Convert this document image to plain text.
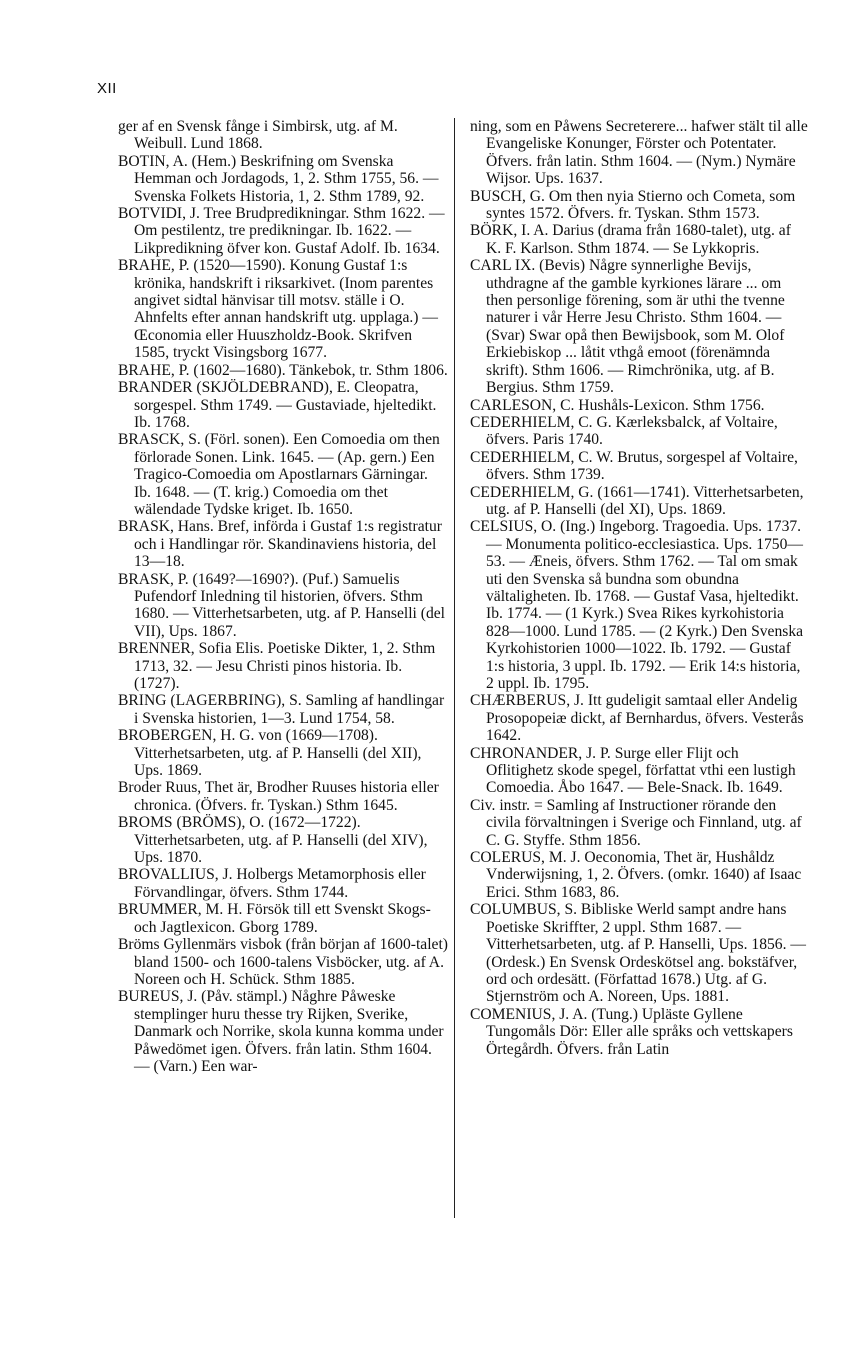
XII

ger af en Svensk fånge i Simbirsk, utg. af M. Weibull. Lund 1868.

BOTIN, A. (Hem.) Beskrifning om Svenska Hemman och Jordagods, 1, 2. Sthm 1755, 56. — Svenska Folkets Historia, 1, 2. Sthm 1789, 92.

BOTVIDI, J. Tree Brudpredikningar. Sthm 1622. — Om pestilentz, tre predikningar. Ib. 1622. — Likpredikning öfver kon. Gustaf Adolf. Ib. 1634.

BRAHE, P. (1520—1590). Konung Gustaf 1:s krönika, handskrift i riksarkivet. (Inom parentes angivet sidtal hänvisar till motsv. ställe i O. Ahnfelts efter annan handskrift utg. upplaga.) — Œconomia eller Huuszholdz-Book. Skrifven 1585, tryckt Visingsborg 1677.

BRAHE, P. (1602—1680). Tänkebok, tr. Sthm 1806.

BRANDER (SKJÖLDEBRAND), E. Cleopatra, sorgespel. Sthm 1749. — Gustaviade, hjeltedikt. Ib. 1768.

BRASCK, S. (Förl. sonen). Een Comoedia om then förlorade Sonen. Link. 1645. — (Ap. gern.) Een Tragico-Comoedia om Apostlarnars Gärningar. Ib. 1648. — (T. krig.) Comoedia om thet wälendade Tydske kriget. Ib. 1650.

BRASK, Hans. Bref, införda i Gustaf 1:s registratur och i Handlingar rör. Skandinaviens historia, del 13—18.

BRASK, P. (1649?—1690?). (Puf.) Samuelis Pufendorf Inledning til historien, öfvers. Sthm 1680. — Vitterhetsarbeten, utg. af P. Hanselli (del VII), Ups. 1867.

BRENNER, Sofia Elis. Poetiske Dikter, 1, 2. Sthm 1713, 32. — Jesu Christi pinos historia. Ib. (1727).

BRING (LAGERBRING), S. Samling af handlingar i Svenska historien, 1—3. Lund 1754, 58.

BROBERGEN, H. G. von (1669—1708). Vitterhetsarbeten, utg. af P. Hanselli (del XII), Ups. 1869.

Broder Ruus, Thet är, Brodher Ruuses historia eller chronica. (Öfvers. fr. Tyskan.) Sthm 1645.

BROMS (BRÖMS), O. (1672—1722). Vitterhetsarbeten, utg. af P. Hanselli (del XIV), Ups. 1870.

BROVALLIUS, J. Holbergs Metamorphosis eller Förvandlingar, öfvers. Sthm 1744.

BRUMMER, M. H. Försök till ett Svenskt Skogs- och Jagtlexicon. Gborg 1789.

Bröms Gyllenmärs visbok (från början af 1600-talet) bland 1500- och 1600-talens Visböcker, utg. af A. Noreen och H. Schück. Sthm 1885.

BUREUS, J. (Påv. stämpl.) Någhre Påweske stemplinger huru thesse try Rijken, Sverike, Danmark och Norrike, skola kunna komma under Påwedömet igen. Öfvers. från latin. Sthm 1604. — (Varn.) Een war-

ning, som en Påwens Secreterere... hafwer stält til alle Evangeliske Konunger, Förster och Potentater. Öfvers. från latin. Sthm 1604. — (Nym.) Nymäre Wijsor. Ups. 1637.

BUSCH, G. Om then nyia Stierno och Cometa, som syntes 1572. Öfvers. fr. Tyskan. Sthm 1573.

BÖRK, I. A. Darius (drama från 1680-talet), utg. af K. F. Karlson. Sthm 1874. — Se Lykkopris.

CARL IX. (Bevis) Någre synnerlighe Bevijs, uthdragne af the gamble kyrkiones lärare ... om then personlige förening, som är uthi the tvenne naturer i vår Herre Jesu Christo. Sthm 1604. — (Svar) Swar opå then Bewijsbook, som M. Olof Erkiebiskop ... låtit vthgå emoot (förenämnda skrift). Sthm 1606. — Rimchrönika, utg. af B. Bergius. Sthm 1759.

CARLESON, C. Hushåls-Lexicon. Sthm 1756.

CEDERHIELM, C. G. Kærleksbalck, af Voltaire, öfvers. Paris 1740.

CEDERHIELM, C. W. Brutus, sorgespel af Voltaire, öfvers. Sthm 1739.

CEDERHIELM, G. (1661—1741). Vitterhetsarbeten, utg. af P. Hanselli (del XI), Ups. 1869.

CELSIUS, O. (Ing.) Ingeborg. Tragoedia. Ups. 1737. — Monumenta politico-ecclesiastica. Ups. 1750—53. — Æneis, öfvers. Sthm 1762. — Tal om smak uti den Svenska så bundna som obundna vältaligheten. Ib. 1768. — Gustaf Vasa, hjeltedikt. Ib. 1774. — (1 Kyrk.) Svea Rikes kyrkohistoria 828—1000. Lund 1785. — (2 Kyrk.) Den Svenska Kyrkohistorien 1000—1022. Ib. 1792. — Gustaf 1:s historia, 3 uppl. Ib. 1792. — Erik 14:s historia, 2 uppl. Ib. 1795.

CHÆRBERUS, J. Itt gudeligit samtaal eller Andelig Prosopopeiæ dickt, af Bernhardus, öfvers. Vesterås 1642.

CHRONANDER, J. P. Surge eller Flijt och Oflitighetz skode spegel, författat vthi een lustigh Comoedia. Åbo 1647. — Bele-Snack. Ib. 1649.

Civ. instr. = Samling af Instructioner rörande den civila förvaltningen i Sverige och Finnland, utg. af C. G. Styffe. Sthm 1856.

COLERUS, M. J. Oeconomia, Thet är, Hushåldz Vnderwijsning, 1, 2. Öfvers. (omkr. 1640) af Isaac Erici. Sthm 1683, 86.

COLUMBUS, S. Bibliske Werld sampt andre hans Poetiske Skriffter, 2 uppl. Sthm 1687. — Vitterhetsarbeten, utg. af P. Hanselli, Ups. 1856. — (Ordesk.) En Svensk Ordeskötsel ang. bokstäfver, ord och ordesätt. (Författad 1678.) Utg. af G. Stjernström och A. Noreen, Ups. 1881.

COMENIUS, J. A. (Tung.) Upläste Gyllene Tungomåls Dör: Eller alle språks och vettskapers Örtegårdh. Öfvers. från Latin
